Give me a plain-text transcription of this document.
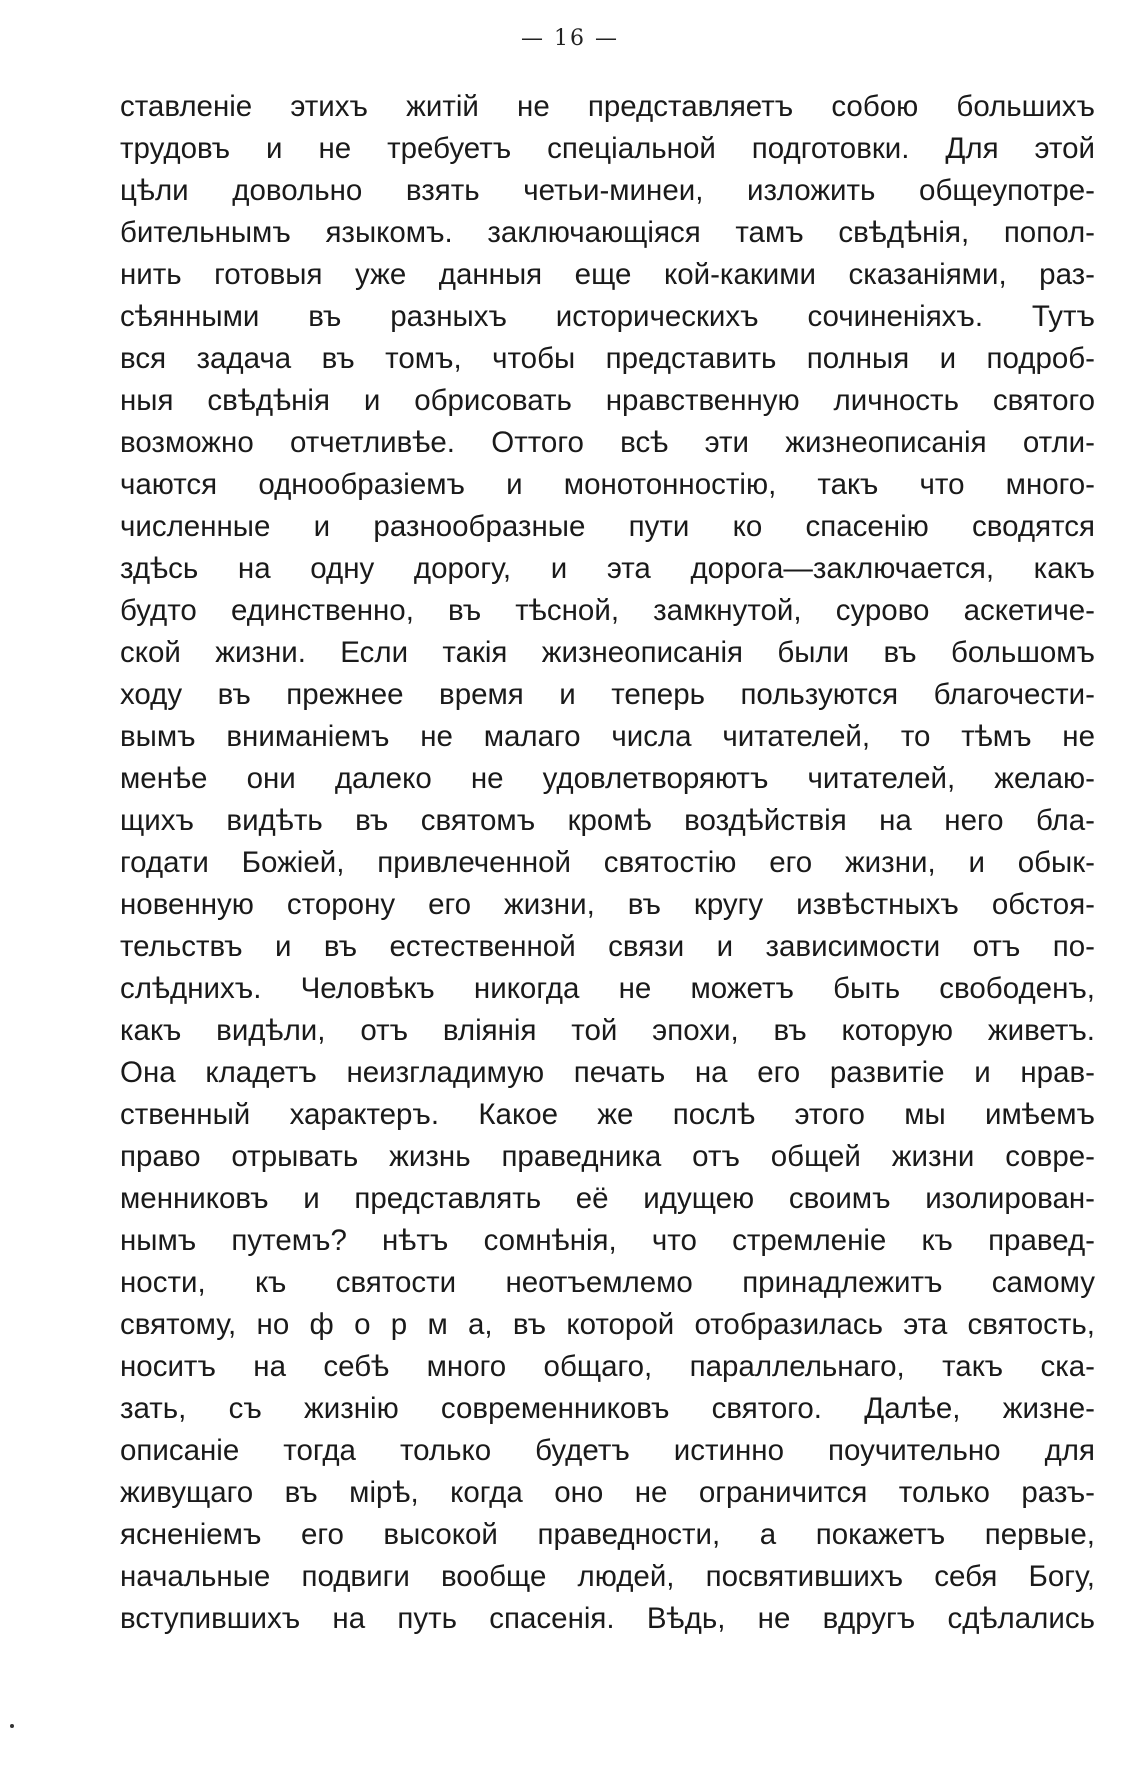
— 16 —
ставленіе этихъ житій не представляетъ собою большихъ
трудовъ и не требуетъ спеціальной подготовки. Для этой
цѣли довольно взять четьи-минеи, изложить общеупотре-
бительнымъ языкомъ. заключающіяся тамъ свѣдѣнія, попол-
нить готовыя уже данныя еще кой-какими сказаніями, раз-
сѣянными въ разныхъ историческихъ сочиненіяхъ. Тутъ
вся задача въ томъ, чтобы представить полныя и подроб-
ныя свѣдѣнія и обрисовать нравственную личность святого
возможно отчетливѣе. Оттого всѣ эти жизнеописанія отли-
чаются однообразіемъ и монотонностію, такъ что много-
численные и разнообразные пути ко спасенію сводятся
здѣсь на одну дорогу, и эта дорога—заключается, какъ
будто единственно, въ тѣсной, замкнутой, сурово аскетиче-
ской жизни. Если такія жизнеописанія были въ большомъ
ходу въ прежнее время и теперь пользуются благочести-
вымъ вниманіемъ не малаго числа читателей, то тѣмъ не
менѣе они далеко не удовлетворяютъ читателей, желаю-
щихъ видѣть въ святомъ кромѣ воздѣйствія на него бла-
годати Божіей, привлеченной святостію его жизни, и обык-
новенную сторону его жизни, въ кругу извѣстныхъ обстоя-
тельствъ и въ естественной связи и зависимости отъ по-
слѣднихъ. Человѣкъ никогда не можетъ быть свободенъ,
какъ видѣли, отъ вліянія той эпохи, въ которую живетъ.
Она кладетъ неизгладимую печать на его развитіе и нрав-
ственный характеръ. Какое же послѣ этого мы имѣемъ
право отрывать жизнь праведника отъ общей жизни совре-
менниковъ и представлять её идущею своимъ изолирован-
нымъ путемъ? нѣтъ сомнѣнія, что стремленіе къ правед-
ности, къ святости неотъемлемо принадлежитъ самому
святому, но ф о р м а, въ которой отобразилась эта святость,
носитъ на себѣ много общаго, параллельнаго, такъ ска-
зать, съ жизнію современниковъ святого. Далѣе, жизне-
описаніе тогда только будетъ истинно поучительно для
живущаго въ мірѣ, когда оно не ограничится только разъ-
ясненіемъ его высокой праведности, а покажетъ первые,
начальные подвиги вообще людей, посвятившихъ себя Богу,
вступившихъ на путь спасенія. Вѣдь, не вдругъ сдѣлались
